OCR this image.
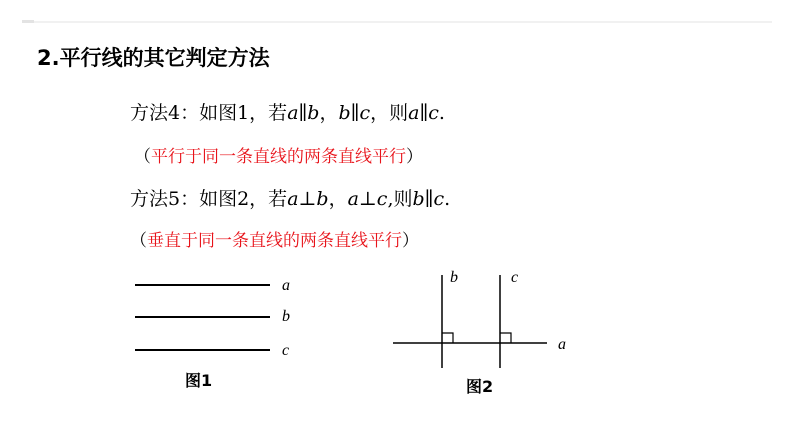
2.平行线的其它判定方法
方法4：如图1，若a∥b，b∥c，则a∥c.
（平行于同一条直线的两条直线平行）
方法5：如图2，若a⊥b，a⊥c,则b∥c.
（垂直于同一条直线的两条直线平行）
a
b
c
b	c
a
图1	图2
